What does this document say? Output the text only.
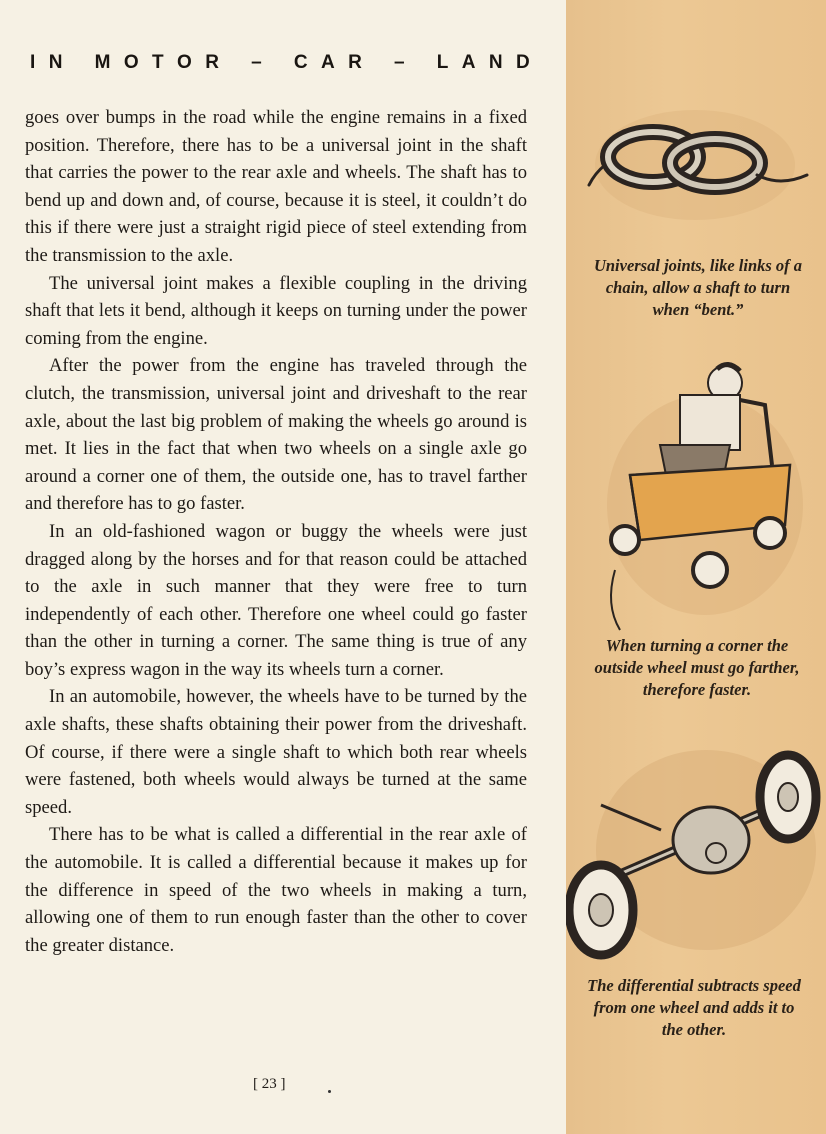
I N
M O T O R
–
C A R
–
L A N D

goes over bumps in the road while the engine remains in a fixed position. Therefore, there has to be a universal joint in the shaft that carries the power to the rear axle and wheels. The shaft has to bend up and down and, of course, because it is steel, it couldn’t do this if there were just a straight rigid piece of steel extending from the transmission to the axle.

The universal joint makes a flexible coupling in the driving shaft that lets it bend, although it keeps on turning under the power coming from the engine.

After the power from the engine has traveled through the clutch, the transmission, universal joint and driveshaft to the rear axle, about the last big problem of making the wheels go around is met. It lies in the fact that when two wheels on a single axle go around a corner one of them, the outside one, has to travel farther and therefore has to go faster.

In an old-fashioned wagon or buggy the wheels were just dragged along by the horses and for that reason could be attached to the axle in such manner that they were free to turn independently of each other. Therefore one wheel could go faster than the other in turning a corner. The same thing is true of any boy’s express wagon in the way its wheels turn a corner.

In an automobile, however, the wheels have to be turned by the axle shafts, these shafts obtaining their power from the driveshaft. Of course, if there were a single shaft to which both rear wheels were fastened, both wheels would always be turned at the same speed.

There has to be what is called a differential in the rear axle of the automobile. It is called a differential because it makes up for the difference in speed of the two wheels in making a turn, allowing one of them to run enough faster than the other to cover the greater distance.

Universal joints, like links of a chain, allow a shaft to turn when “bent.”
When turning a corner the outside wheel must go farther, therefore faster.
The differential subtracts speed from one wheel and adds it to the other.
[ 23 ]
